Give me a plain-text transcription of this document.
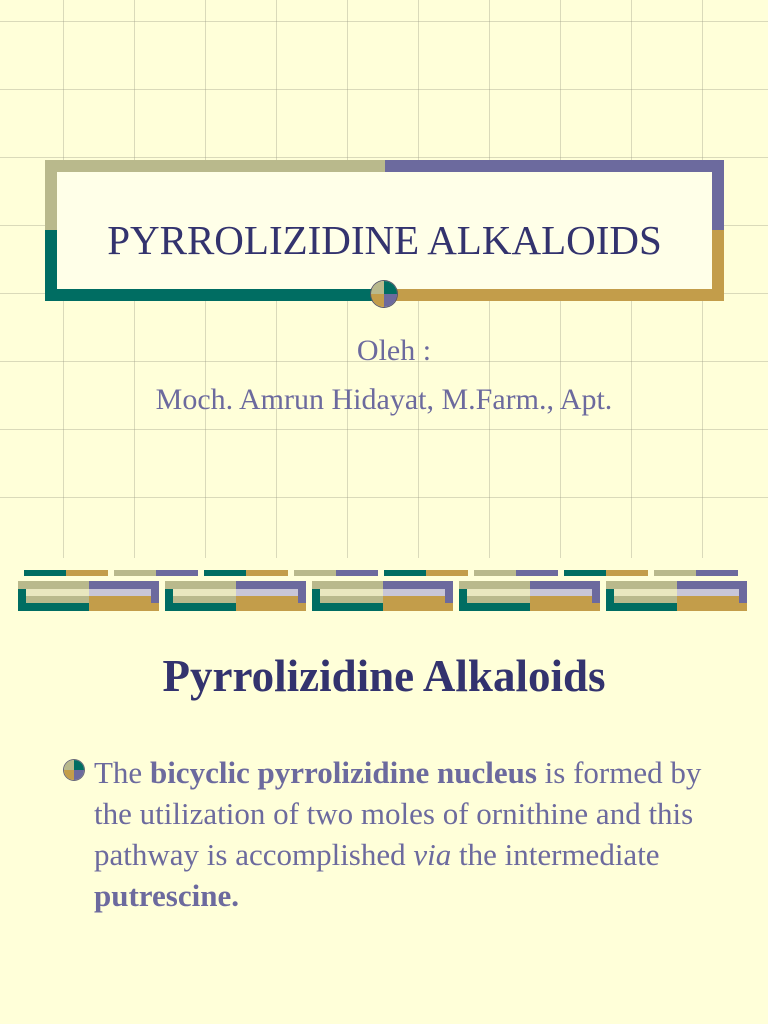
PYRROLIZIDINE ALKALOIDS
Oleh :
Moch. Amrun Hidayat, M.Farm., Apt.
Pyrrolizidine Alkaloids
The bicyclic pyrrolizidine nucleus is formed by the utilization of two moles of ornithine and this pathway is accomplished via the intermediate putrescine.
